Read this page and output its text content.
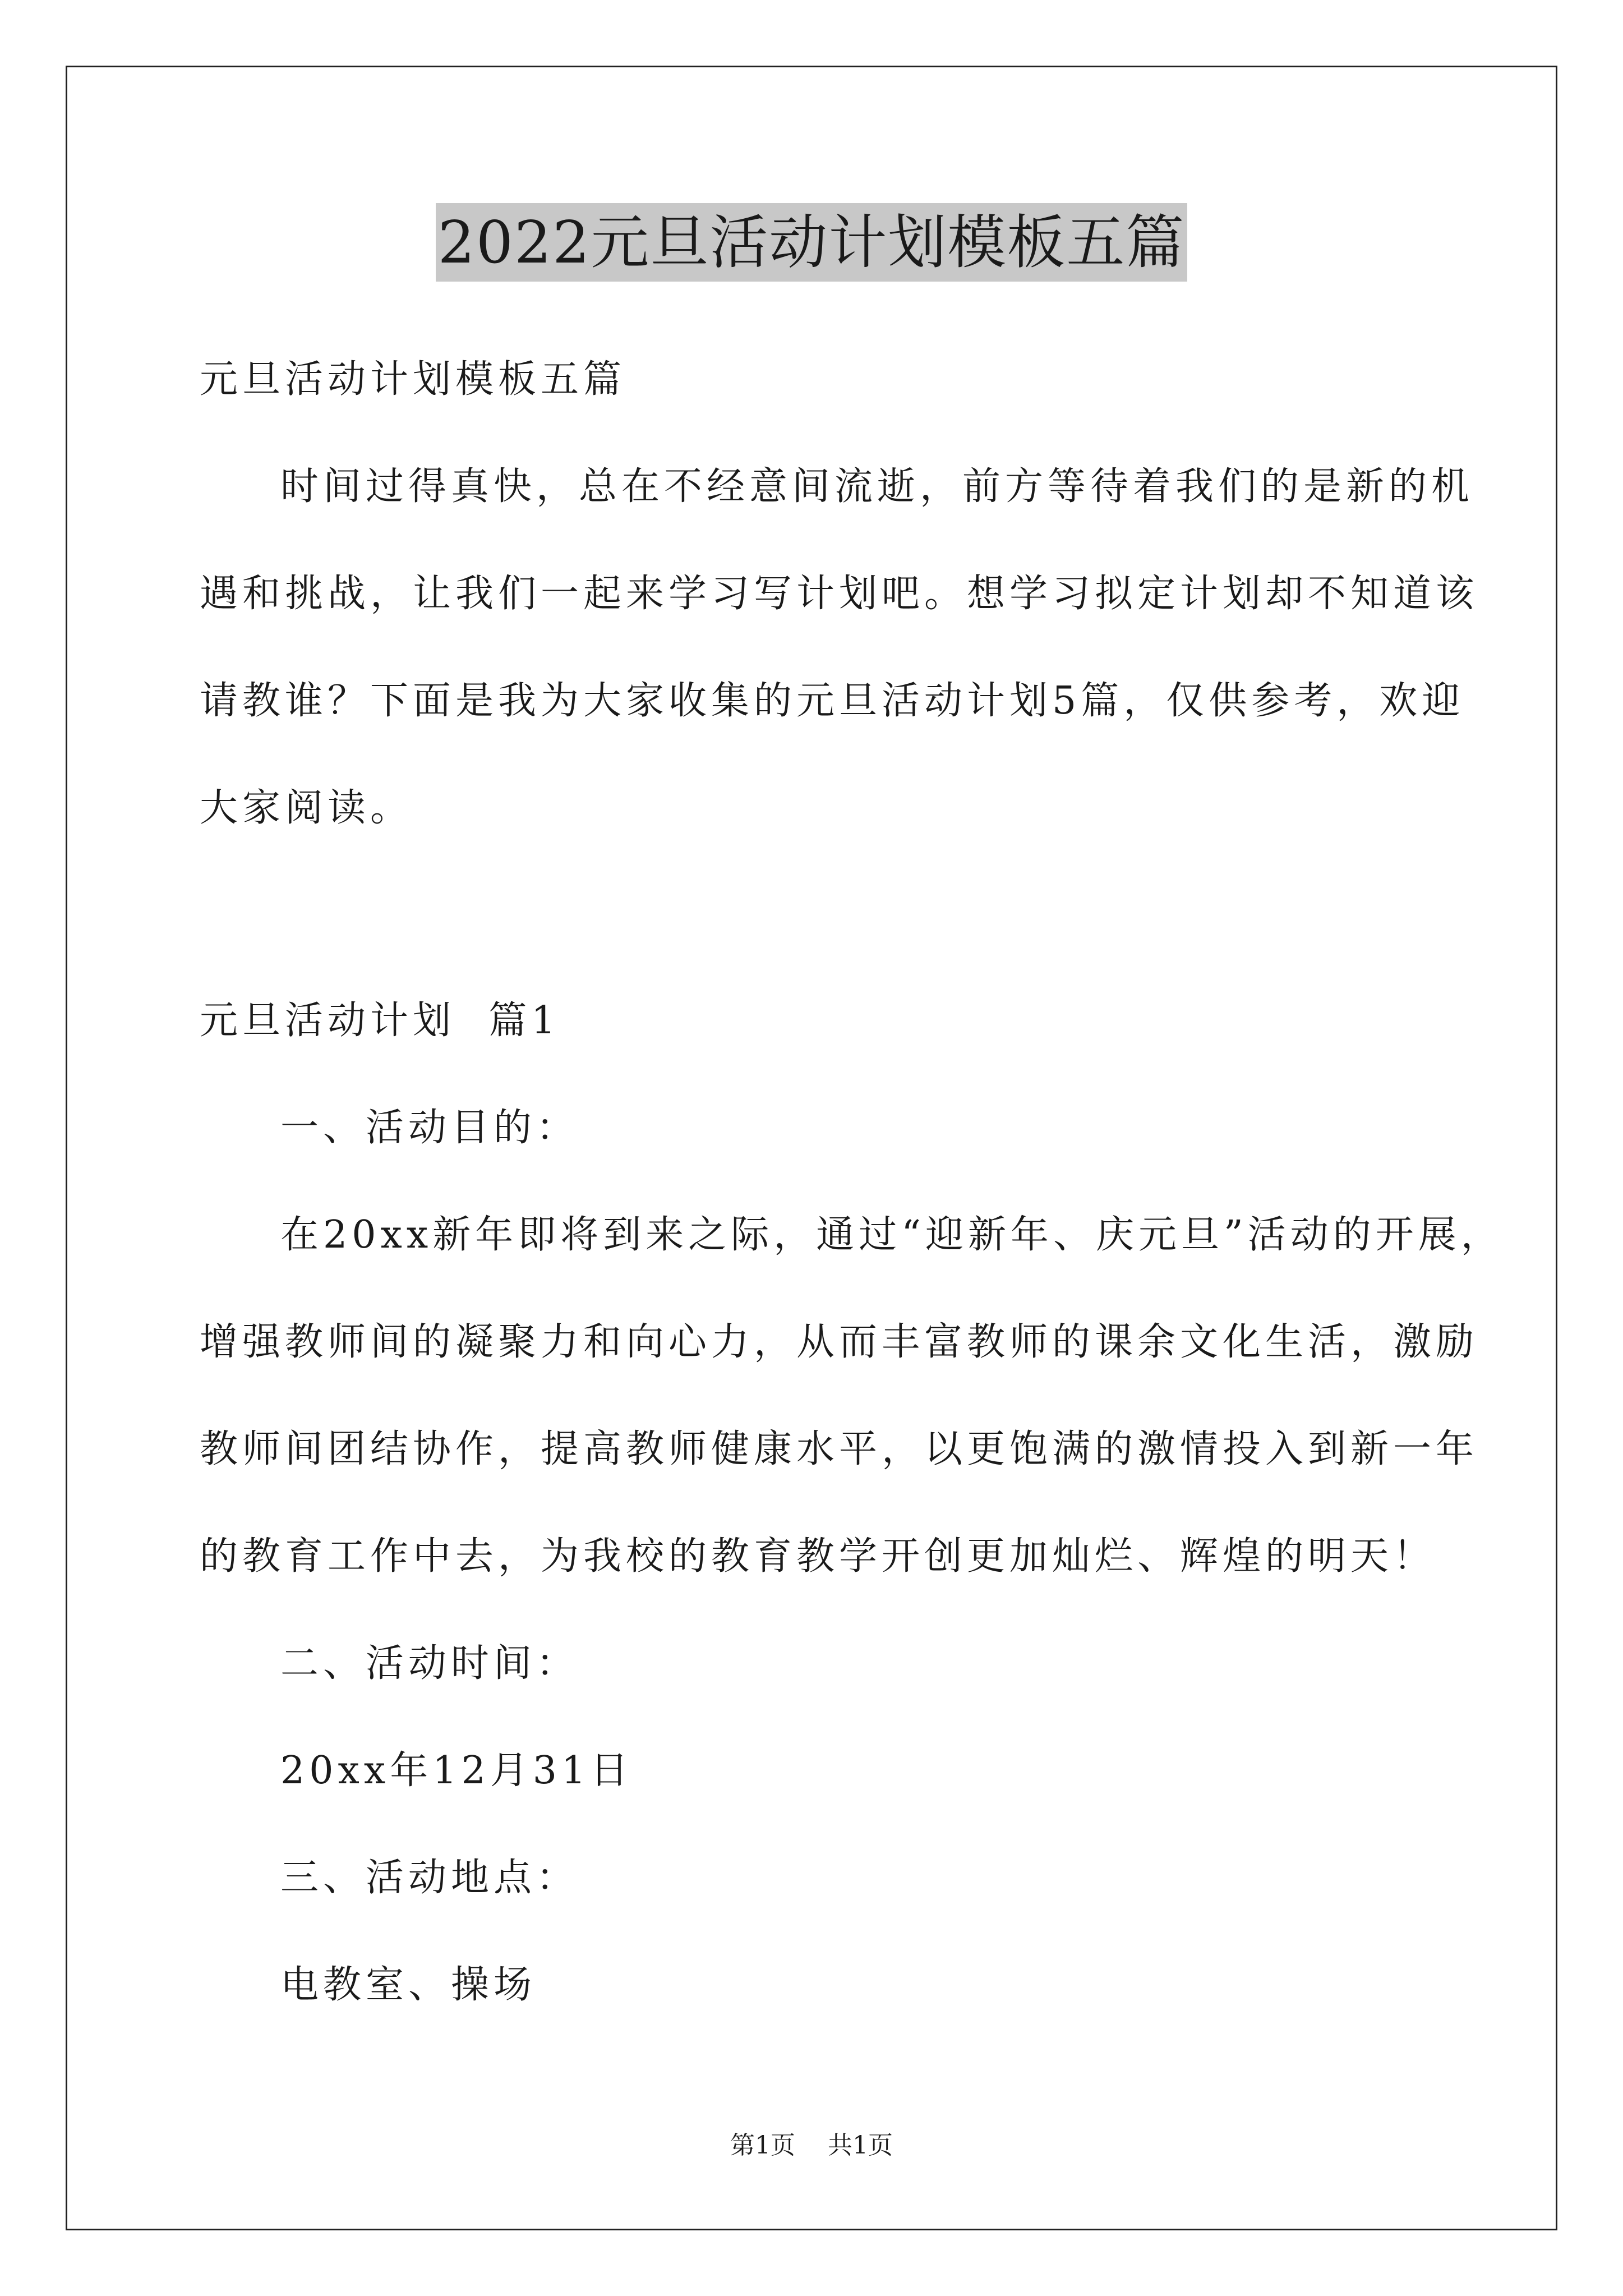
2022元旦活动计划模板五篇
元旦活动计划模板五篇
时间过得真快，总在不经意间流逝，前方等待着我们的是新的机
遇和挑战，让我们一起来学习写计划吧。想学习拟定计划却不知道该
请教谁？下面是我为大家收集的元旦活动计划5篇，仅供参考，欢迎
大家阅读。
元旦活动计划  篇1
一、活动目的：
在20xx新年即将到来之际，通过“迎新年、庆元旦”活动的开展，
增强教师间的凝聚力和向心力，从而丰富教师的课余文化生活，激励
教师间团结协作，提高教师健康水平，以更饱满的激情投入到新一年
的教育工作中去，为我校的教育教学开创更加灿烂、辉煌的明天！
二、活动时间：
20xx年12月31日
三、活动地点：
电教室、操场
第1页 共1页
